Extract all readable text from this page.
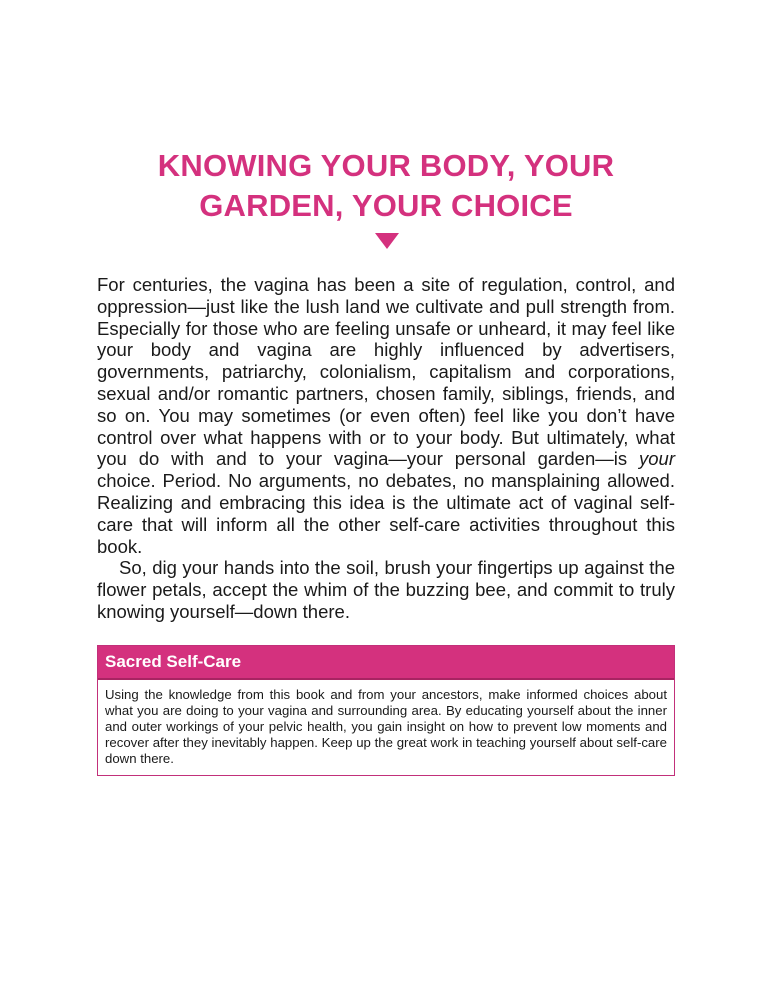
KNOWING YOUR BODY, YOUR
GARDEN, YOUR CHOICE

For centuries, the vagina has been a site of regulation, control, and oppression—just like the lush land we cultivate and pull strength from. Especially for those who are feeling unsafe or unheard, it may feel like your body and vagina are highly influenced by advertisers, governments, patriarchy, colonialism, capitalism and corporations, sexual and/or romantic partners, chosen family, siblings, friends, and so on. You may sometimes (or even often) feel like you don’t have control over what happens with or to your body. But ultimately, what you do with and to your vagina—your personal garden—is your choice. Period. No arguments, no debates, no mansplaining allowed. Realizing and embracing this idea is the ultimate act of vaginal self-care that will inform all the other self-care activities throughout this book.

So, dig your hands into the soil, brush your fingertips up against the flower petals, accept the whim of the buzzing bee, and commit to truly knowing yourself—down there.

Sacred Self-Care
Using the knowledge from this book and from your ancestors, make informed choices about what you are doing to your vagina and surrounding area. By educating yourself about the inner and outer workings of your pelvic health, you gain insight on how to prevent low moments and recover after they inevitably happen. Keep up the great work in teaching yourself about self-care down there.
